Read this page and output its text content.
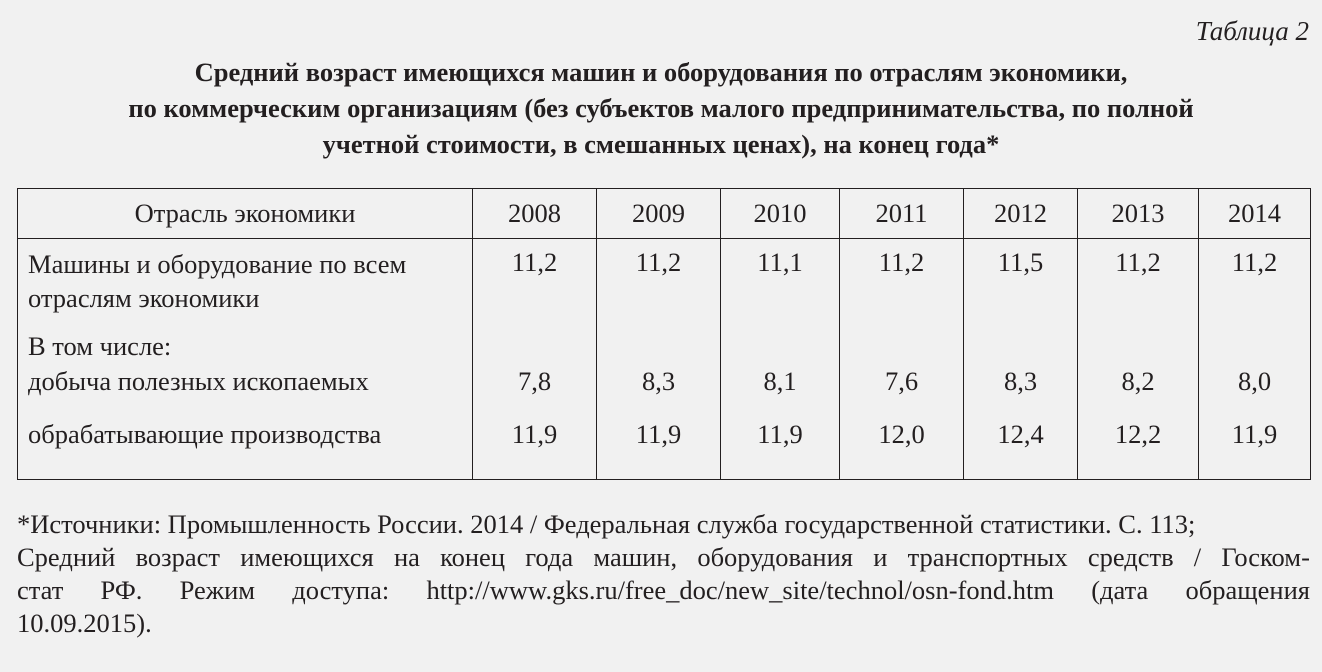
Таблица 2
Средний возраст имеющихся машин и оборудования по отраслям экономики,
по коммерческим организациям (без субъектов малого предпринимательства, по полной
учетной стоимости, в смешанных ценах), на конец года*
Отрасль экономики	2008	2009	2010	2011	2012	2013	2014

Машины и оборудование по всем
отраслям экономики	11,2	11,2	11,1	11,2	11,5	11,2	11,2
В том числе:							
добыча полезных ископаемых	7,8	8,3	8,1	7,6	8,3	8,2	8,0
обрабатывающие производства	11,9	11,9	11,9	12,0	12,4	12,2	11,9
*Источники: Промышленность России. 2014 / Федеральная служба государственной статистики. С. 113;
Средний возраст имеющихся на конец года машин, оборудования и транспортных средств / Госком-
стат РФ. Режим доступа: http://www.gks.ru/free_doc/new_site/technol/osn-fond.htm (дата обращения
10.09.2015).
